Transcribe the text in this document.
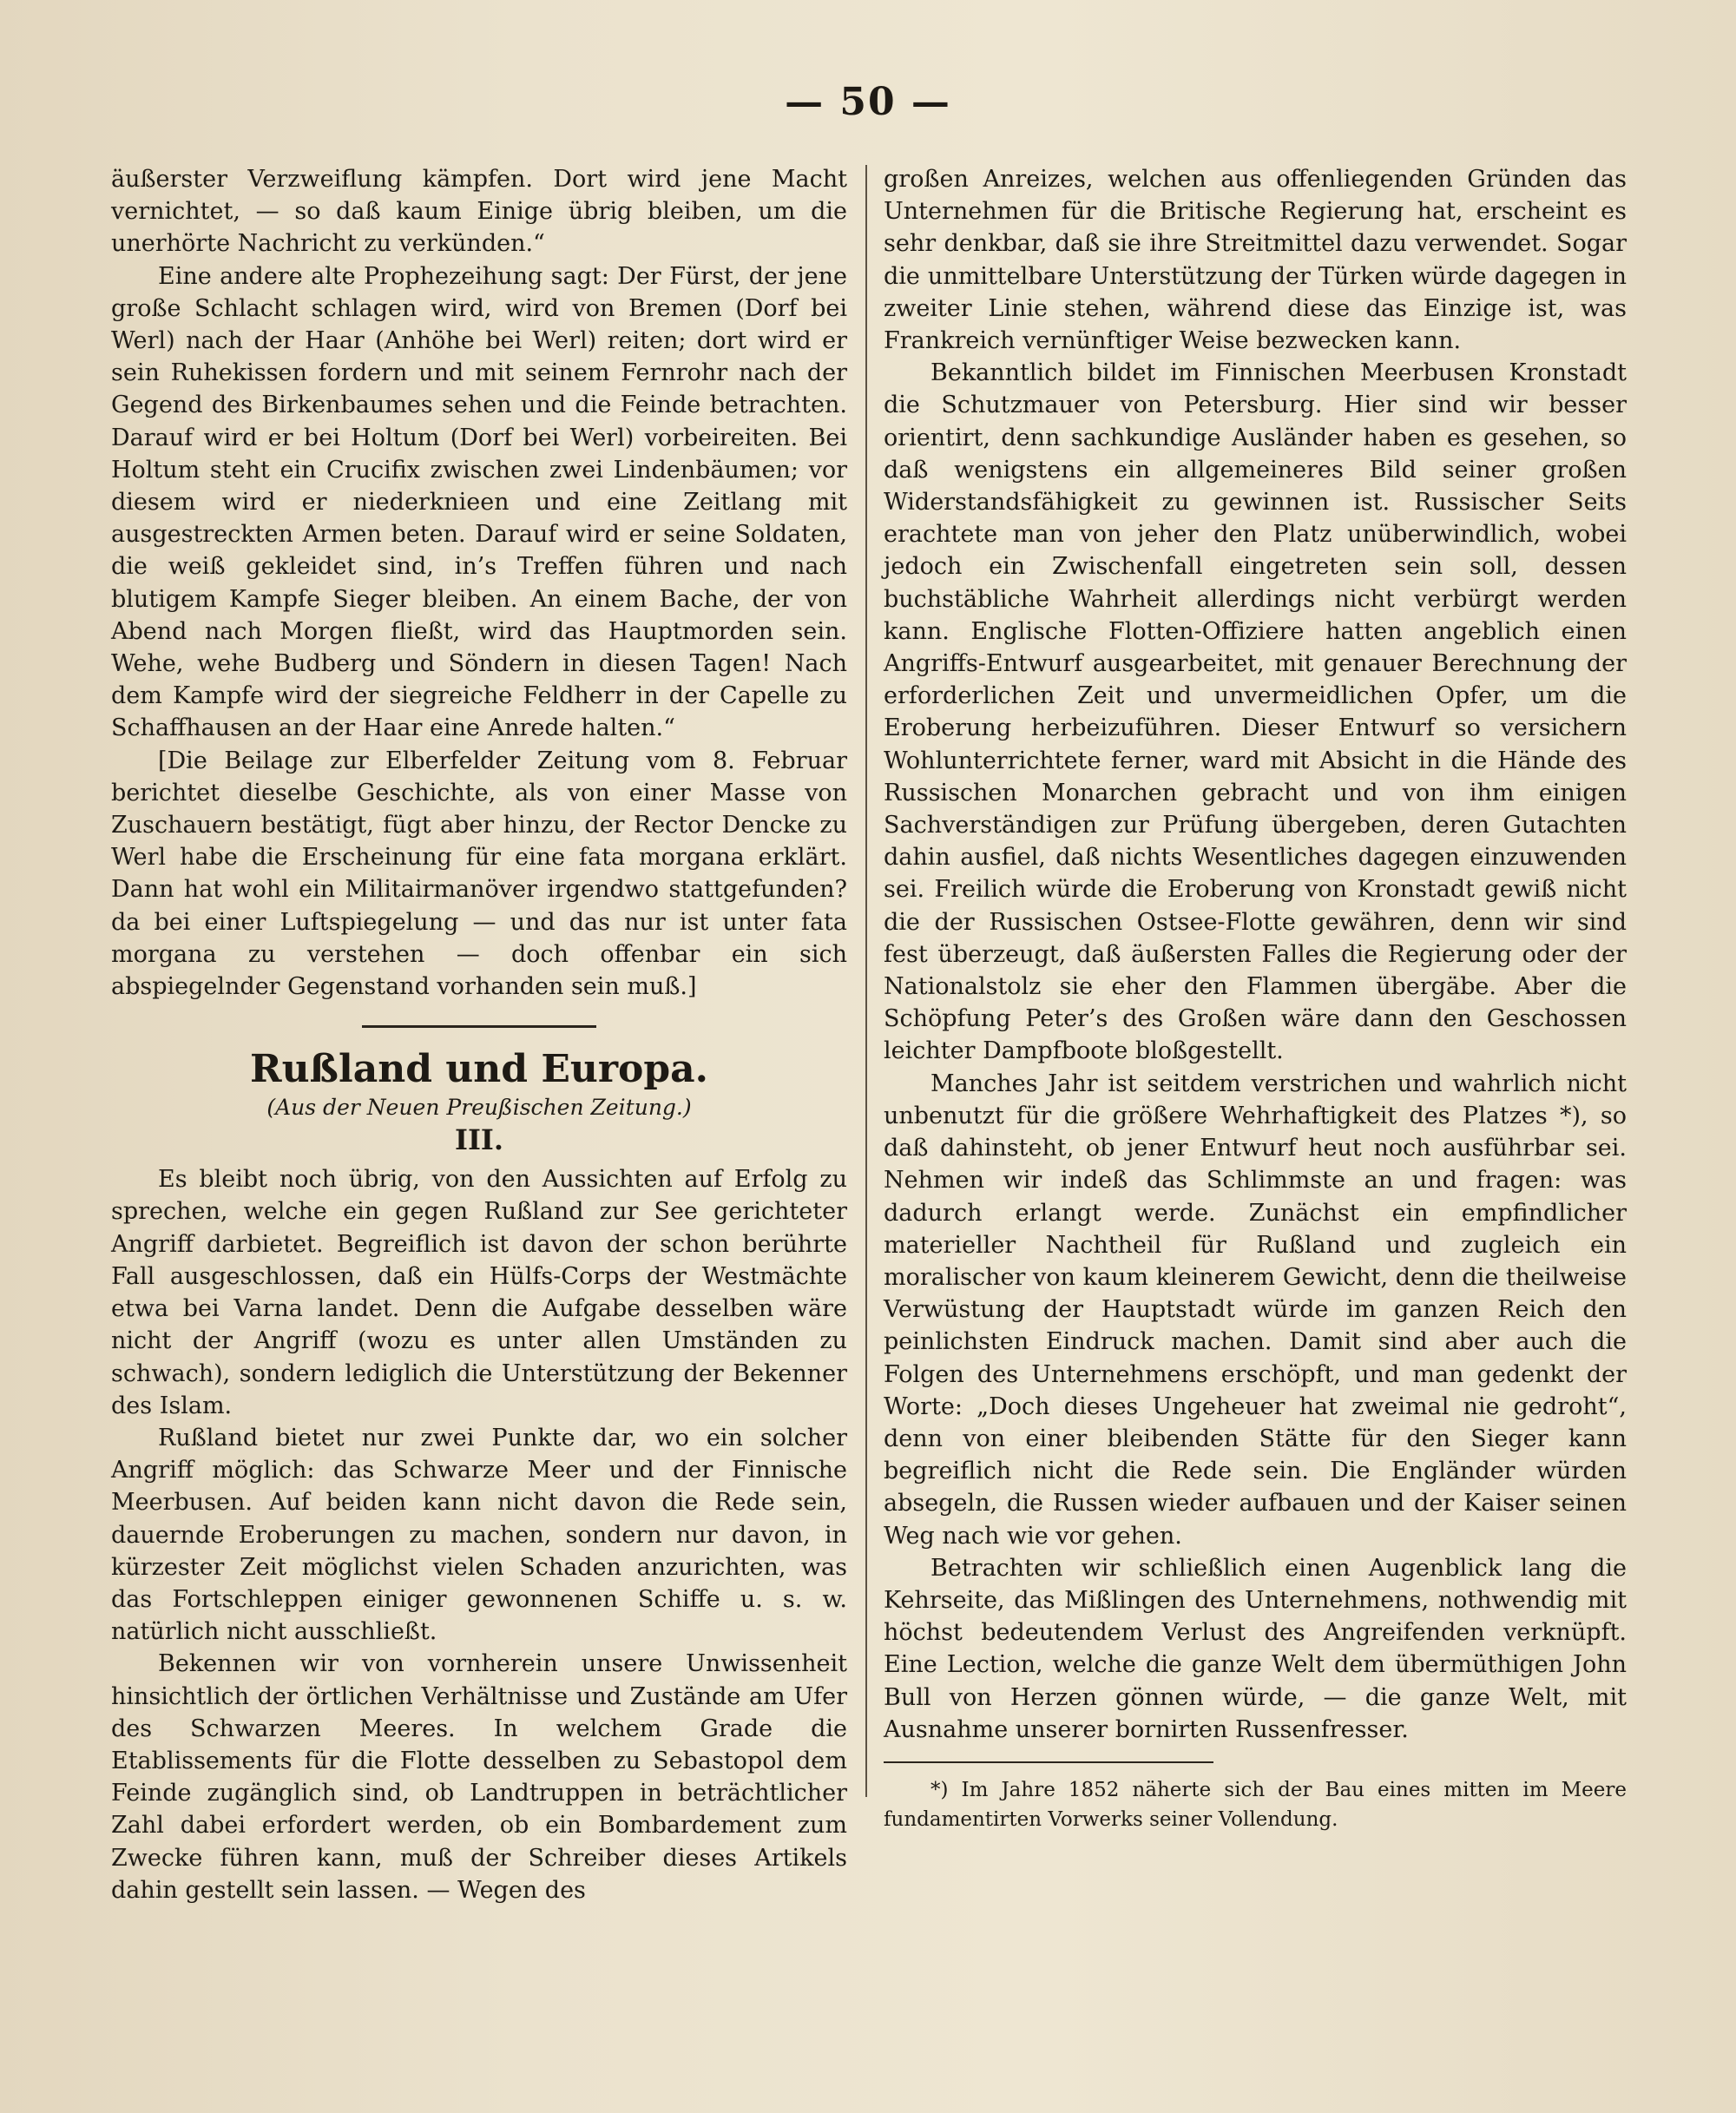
— 50 —

äußerster Verzweiflung kämpfen. Dort wird jene Macht vernichtet, — so daß kaum Einige übrig bleiben, um die unerhörte Nachricht zu verkünden.“

Eine andere alte Prophezeihung sagt: Der Fürst, der jene große Schlacht schlagen wird, wird von Bremen (Dorf bei Werl) nach der Haar (Anhöhe bei Werl) reiten; dort wird er sein Ruhekissen fordern und mit seinem Fernrohr nach der Gegend des Birkenbaumes sehen und die Feinde betrachten. Darauf wird er bei Holtum (Dorf bei Werl) vorbeireiten. Bei Holtum steht ein Crucifix zwischen zwei Lindenbäumen; vor diesem wird er niederknieen und eine Zeitlang mit ausgestreckten Armen beten. Darauf wird er seine Soldaten, die weiß gekleidet sind, in’s Treffen führen und nach blutigem Kampfe Sieger bleiben. An einem Bache, der von Abend nach Morgen fließt, wird das Hauptmorden sein. Wehe, wehe Budberg und Söndern in diesen Tagen! Nach dem Kampfe wird der siegreiche Feldherr in der Capelle zu Schaffhausen an der Haar eine Anrede halten.“

[Die Beilage zur Elberfelder Zeitung vom 8. Februar berichtet dieselbe Geschichte, als von einer Masse von Zuschauern bestätigt, fügt aber hinzu, der Rector Dencke zu Werl habe die Erscheinung für eine fata morgana erklärt. Dann hat wohl ein Militairmanöver irgendwo stattgefunden? da bei einer Luftspiegelung — und das nur ist unter fata morgana zu verstehen — doch offenbar ein sich abspiegelnder Gegenstand vorhanden sein muß.]

Rußland und Europa.
(Aus der Neuen Preußischen Zeitung.)
III.

Es bleibt noch übrig, von den Aussichten auf Erfolg zu sprechen, welche ein gegen Rußland zur See gerichteter Angriff darbietet. Begreiflich ist davon der schon berührte Fall ausgeschlossen, daß ein Hülfs-Corps der Westmächte etwa bei Varna landet. Denn die Aufgabe desselben wäre nicht der Angriff (wozu es unter allen Umständen zu schwach), sondern lediglich die Unterstützung der Bekenner des Islam.

Rußland bietet nur zwei Punkte dar, wo ein solcher Angriff möglich: das Schwarze Meer und der Finnische Meerbusen. Auf beiden kann nicht davon die Rede sein, dauernde Eroberungen zu machen, sondern nur davon, in kürzester Zeit möglichst vielen Schaden anzurichten, was das Fortschleppen einiger gewonnenen Schiffe u. s. w. natürlich nicht ausschließt.

Bekennen wir von vornherein unsere Unwissenheit hinsichtlich der örtlichen Verhältnisse und Zustände am Ufer des Schwarzen Meeres. In welchem Grade die Etablissements für die Flotte desselben zu Sebastopol dem Feinde zugänglich sind, ob Landtruppen in beträchtlicher Zahl dabei erfordert werden, ob ein Bombardement zum Zwecke führen kann, muß der Schreiber dieses Artikels dahin gestellt sein lassen. — Wegen des

großen Anreizes, welchen aus offenliegenden Gründen das Unternehmen für die Britische Regierung hat, erscheint es sehr denkbar, daß sie ihre Streitmittel dazu verwendet. Sogar die unmittelbare Unterstützung der Türken würde dagegen in zweiter Linie stehen, während diese das Einzige ist, was Frankreich vernünftiger Weise bezwecken kann.

Bekanntlich bildet im Finnischen Meerbusen Kronstadt die Schutzmauer von Petersburg. Hier sind wir besser orientirt, denn sachkundige Ausländer haben es gesehen, so daß wenigstens ein allgemeineres Bild seiner großen Widerstandsfähigkeit zu gewinnen ist. Russischer Seits erachtete man von jeher den Platz unüberwindlich, wobei jedoch ein Zwischenfall eingetreten sein soll, dessen buchstäbliche Wahrheit allerdings nicht verbürgt werden kann. Englische Flotten-Offiziere hatten angeblich einen Angriffs-Entwurf ausgearbeitet, mit genauer Berechnung der erforderlichen Zeit und unvermeidlichen Opfer, um die Eroberung herbeizuführen. Dieser Entwurf so versichern Wohlunterrichtete ferner, ward mit Absicht in die Hände des Russischen Monarchen gebracht und von ihm einigen Sachverständigen zur Prüfung übergeben, deren Gutachten dahin ausfiel, daß nichts Wesentliches dagegen einzuwenden sei. Freilich würde die Eroberung von Kronstadt gewiß nicht die der Russischen Ostsee-Flotte gewähren, denn wir sind fest überzeugt, daß äußersten Falles die Regierung oder der Nationalstolz sie eher den Flammen übergäbe. Aber die Schöpfung Peter’s des Großen wäre dann den Geschossen leichter Dampfboote bloßgestellt.

Manches Jahr ist seitdem verstrichen und wahrlich nicht unbenutzt für die größere Wehrhaftigkeit des Platzes *), so daß dahinsteht, ob jener Entwurf heut noch ausführbar sei. Nehmen wir indeß das Schlimmste an und fragen: was dadurch erlangt werde. Zunächst ein empfindlicher materieller Nachtheil für Rußland und zugleich ein moralischer von kaum kleinerem Gewicht, denn die theilweise Verwüstung der Hauptstadt würde im ganzen Reich den peinlichsten Eindruck machen. Damit sind aber auch die Folgen des Unternehmens erschöpft, und man gedenkt der Worte: „Doch dieses Ungeheuer hat zweimal nie gedroht“, denn von einer bleibenden Stätte für den Sieger kann begreiflich nicht die Rede sein. Die Engländer würden absegeln, die Russen wieder aufbauen und der Kaiser seinen Weg nach wie vor gehen.

Betrachten wir schließlich einen Augenblick lang die Kehrseite, das Mißlingen des Unternehmens, nothwendig mit höchst bedeutendem Verlust des Angreifenden verknüpft. Eine Lection, welche die ganze Welt dem übermüthigen John Bull von Herzen gönnen würde, — die ganze Welt, mit Ausnahme unserer bornirten Russenfresser.

*) Im Jahre 1852 näherte sich der Bau eines mitten im Meere fundamentirten Vorwerks seiner Vollendung.
